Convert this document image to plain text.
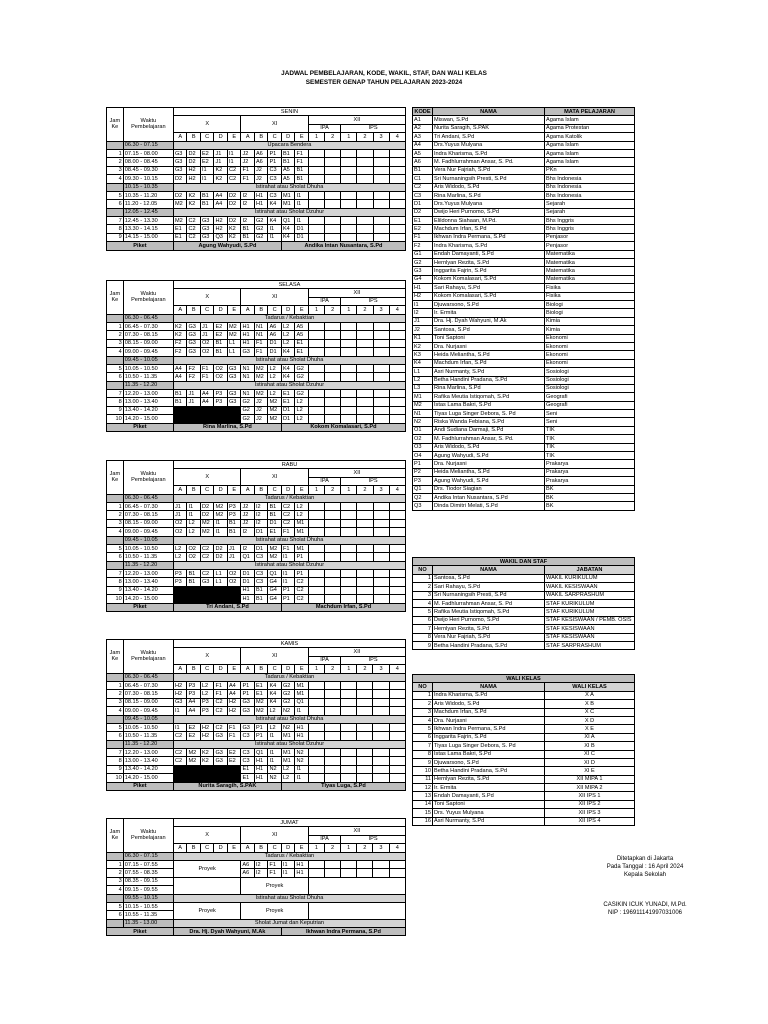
JADWAL PEMBELAJARAN, KODE, WAKIL, STAF, DAN WALI KELAS
SEMESTER GENAP TAHUN PELAJARAN 2023-2024
Jam Ke	Waktu Pembelajaran	SENIN															
		X					XI					XII					
												IPA		IPS			
		A	B	C	D	E	A	B	C	D	E	1	2	1	2	3	4
	06.30 - 07.15	Upacara Bendera															
1	07.15 - 08.00	G3	D2	E2	J1	I1	J2	A6	P1	B1	F1						
2	08.00 - 08.45	G3	D2	E2	J1	I1	J2	A6	P1	B1	F1						
3	08.45 - 09.30	G3	H2	I1	K2	C2	F1	J2	C3	A5	B1						
4	09.30 - 10.15	D2	H2	I1	K2	C2	F1	J2	C3	A5	B1						
	10.15 - 10.35	Istirahat atau Sholat Dhuha															
5	10.35 - 11.20	D2	K2	B1	A4	D2	I2	H1	C3	M1	I1						
6	11.20 - 12.05	M2	K2	B1	A4	D2	I2	H1	K4	M1	I1						
	12.05 - 12.45	Istirahat atau Sholat Dzuhur															
7	12.45 - 13.30	M2	C2	G3	H2	D2	I2	G2	K4	Q1	I1						
8	13.30 - 14.15	E1	C2	G3	H2	K2	B1	G2	I1	K4	D1						
9	14.15 - 15.00	E1	C2	G3	Q3	K2	B1	G2	I1	K4	D1						
Piket		Agung Wahyudi, S.Pd								Andika Intan Nusantara, S.Pd							
Jam Ke	Waktu Pembelajaran	SELASA															
		X					XI					XII					
												IPA		IPS			
		A	B	C	D	E	A	B	C	D	E	1	2	1	2	3	4
	06.30 - 06.45	Tadarus / Kebaktian															
1	06.45 - 07.30	K2	G3	J1	E2	M2	H1	N1	A6	L2	A5						
2	07.30 - 08.15	K2	G3	J1	E2	M2	H1	N1	A6	L2	A5						
3	08.15 - 09.00	F2	G3	O2	B1	L1	H1	F1	D1	L2	E1						
4	09.00 - 09.45	F2	G3	O2	B1	L1	G3	F1	D1	K4	E1						
	09.45 - 10.05	Istirahat atau Sholat Dhuha															
5	10.05 - 10.50	A4	F2	F1	O2	G3	N1	M2	L2	K4	G2						
6	10.50 - 11.35	A4	F2	F1	O2	G3	N1	M2	L2	K4	G2						
	11.35 - 12.20	Istirahat atau Sholat Dzuhur															
7	12.20 - 13.00	B1	J1	A4	P3	G3	N1	M2	L2	E1	G2						
8	13.00 - 13.40	B1	J1	A4	P3	G3	G2	J2	M2	E1	L2						
9	13.40 - 14.20						G2	J2	M2	D1	L2						
10	14.20 - 15.00						G2	J2	M2	D1	L2						
Piket		Rina Marlina, S.Pd								Kokom Komalasari, S.Pd							
Jam Ke	Waktu Pembelajaran	RABU															
		X					XI					XII					
												IPA		IPS			
		A	B	C	D	E	A	B	C	D	E	1	2	1	2	3	4
	06.30 - 06.45	Tadarus / Kebaktian															
1	06.45 - 07.30	J1	I1	D2	M2	P3	J2	I2	B1	C2	L2						
2	07.30 - 08.15	J1	I1	D2	M2	P3	J2	I2	B1	C2	L2						
3	08.15 - 09.00	O2	L2	M2	I1	B1	J2	I2	D1	C2	M1						
4	09.00 - 09.45	O2	L2	M2	I1	B1	I2	D1	E1	F1	M1						
	09.45 - 10.05	Istirahat atau Sholat Dhuha															
5	10.05 - 10.50	L2	O2	C2	D2	J1	I2	D1	M2	F1	M1						
6	10.50 - 11.35	L2	O2	C2	D2	J1	Q1	C3	M2	I1	P1						
	11.35 - 12.20	Istirahat atau Sholat Dzuhur															
7	12.20 - 13.00	P3	B1	C2	L1	O2	D1	C3	Q1	I1	P1						
8	13.00 - 13.40	P3	B1	G3	L1	O2	D1	C3	G4	I1	C2						
9	13.40 - 14.20						H1	B1	G4	P1	C2						
10	14.20 - 15.00						H1	B1	G4	P1	C2						
Piket		Tri Andani, S.Pd								Machdum Irfan, S.Pd							
Jam Ke	Waktu Pembelajaran	KAMIS															
		X					XI					XII					
												IPA		IPS			
		A	B	C	D	E	A	B	C	D	E	1	2	1	2	3	4
	06.30 - 06.45	Tadarus / Kebaktian															
1	06.45 - 07.30	H2	P3	L2	F1	A4	P1	E1	K4	G2	M1						
2	07.30 - 08.15	H2	P3	L2	F1	A4	P1	E1	K4	G2	M1						
3	08.15 - 09.00	G3	A4	P3	C2	H2	G3	M2	K4	G2	Q1						
4	09.00 - 09.45	I1	A4	P3	C2	H2	G3	M2	L2	N2	I1						
	09.45 - 10.05	Istirahat atau Sholat Dhuha															
5	10.05 - 10.50	I1	E2	H2	C2	F1	G3	P1	L2	N2	H1						
6	10.50 - 11.35	C2	E2	H2	G3	F1	C3	P1	I1	M1	H1						
	11.35 - 12.20	Istirahat atau Sholat Dzuhur															
7	12.20 - 13.00	C2	M2	K2	G3	E2	C3	Q1	I1	M1	N2						
8	13.00 - 13.40	C2	M2	K2	G3	E2	C3	H1	I1	M1	N2						
9	13.40 - 14.20						E1	H1	N2	L2	I1						
10	14.20 - 15.00						E1	H1	N2	L2	I1						
Piket		Nurita Saragih, S.PAK								Tiyas Luga, S.Pd							
Jam Ke	Waktu Pembelajaran	JUMAT															
		X					XI					XII					
												IPA		IPS			
		A	B	C	D	E	A	B	C	D	E	1	2	1	2	3	4
	06.30 - 07.15	Tadarus / Kebaktian															
1	07.15 - 07.55	Proyek					A6	I2	F1	I1	H1						
2	07.55 - 08.35						A6	I2	F1	I1	H1						
3	08.35 - 09.15						Proyek										
4	09.15 - 09.55																
	09.55 - 10.15	Istirahat atau Sholat Dhuha															
5	10.15 - 10.55	Proyek					Proyek										
6	10.55 - 11.35																
	11.35 - 13.00	Sholat Jumat dan Keputrian															
Piket		Dra. Hj. Dyah Wahyuni, M.Ak								Ikhwan Indra Permana, S.Pd							
KODE	NAMA	MATA PELAJARAN
A1	Miswan, S.Pd	Agama Islam
A2	Nurita Saragih, S.PAK	Agama Protestan
A3	Tri Andani, S.Pd	Agama Katolik
A4	Drs.Yuyus Mulyana	Agama Islam
A5	Indra Kharisma, S.Pd	Agama Islam
A6	M. Fadhlurrahman Ansar, S. Pd.	Agama Islam
B1	Vera Nur Fajriah, S.Pd	PKn
C1	Sri Nurnaningsih Presti, S.Pd	Bhs Indonesia
C2	Aris Widodo, S.Pd	Bhs Indonesia
C3	Rina Marlina, S.Pd	Bhs Indonesia
D1	Drs.Yuyus Mulyana	Sejarah
D2	Dwijo Heri Purnomo, S.Pd	Sejarah
E1	Elildonna Siahaan, M.Pd.	Bhs Inggris
E2	Machdum Irfan, S.Pd	Bhs Inggris
F1	Ikhwan Indra Permana, S.Pd	Penjasor
F2	Indra Kharisma, S.Pd	Penjasor
G1	Endah Damayanti, S.Pd	Matematika
G2	Hernlyan Rezita, S.Pd	Matematika
G3	Inggarita Fajrin, S.Pd	Matematika
G4	Kokom Komalasari, S.Pd	Matematika
H1	Sari Rahayu, S.Pd	Fisika
H2	Kokom Komalasari, S.Pd	Fisika
I1	Djuwarsono, S.Pd	Biologi
I2	Ir. Ermita	Biologi
J1	Dra. Hj. Dyah Wahyuni, M.Ak	Kimia
J2	Santosa, S.Pd	Kimia
K1	Toni Saptoni	Ekonomi
K2	Dra. Nurjasni	Ekonomi
K3	Heida Meliantha, S.Pd	Ekonomi
K4	Machdum Irfan, S.Pd	Ekonomi
L1	Asri Nurmanty, S.Pd	Sosiologi
L2	Betha Handini Pradana, S.Pd	Sosiologi
L3	Rina Marlina, S.Pd	Sosiologi
M1	Rafika Meutia Istiqomah, S.Pd	Geografi
M2	Istas Lama Bakri, S.Pd	Geografi
N1	Tiyas Luga Singer Debora, S. Pd	Seni
N2	Riska Wanda Febiana, S.Pd	Seni
O1	Andi Sudiana Darmaji, S.Pd	TIK
O2	M. Fadhlurrahman Ansar, S. Pd.	TIK
O3	Aris Widodo, S.Pd	TIK
O4	Agung Wahyudi, S.Pd	TIK
P1	Dra. Nurjasni	Prakarya
P2	Heida Meliantha, S.Pd	Prakarya
P3	Agung Wahyudi, S.Pd	Prakarya
Q1	Drs. Tiodor Siagian	BK
Q2	Andika Intan Nusantara, S.Pd	BK
Q3	Dinda Dimitri Melati, S.Pd	BK
WAKIL DAN STAF		
NO	NAMA	JABATAN
1	Santosa, S.Pd	WAKIL KURIKULUM
2	Sari Rahayu, S.Pd	WAKIL KESISWAAN
3	Sri Nurnaningsih Presti, S.Pd	WAKIL SARPRASHUM
4	M. Fadhlurrahman Ansar, S. Pd	STAF KURIKULUM
5	Rafika Meutia Istiqomah, S.Pd	STAF KURIKULUM
6	Dwijo Heri Purnomo, S.Pd	STAF KESISWAAN / PEMB. OSIS
7	Hernlyan Rezita, S.Pd	STAF KESISWAAN
8	Vera Nur Fajriah, S.Pd	STAF KESISWAAN
9	Betha Handini Pradana, S.Pd	STAF SARPRASHUM
WALI KELAS		
NO	NAMA	WALI KELAS
1	Indra Kharisma, S.Pd	X A
2	Aris Widodo, S.Pd	X B
3	Machdum Irfan, S.Pd	X C
4	Dra. Nurjasni	X D
5	Ikhwan Indra Permana, S.Pd	X E
6	Inggarita Fajrin, S.Pd	XI A
7	Tiyas Luga Singer Debora, S. Pd	XI B
8	Istas Lama Bakri, S.Pd	XI C
9	Djuwarsono, S.Pd	XI D
10	Betha Handini Pradana, S.Pd	XI E
11	Hernlyan Rezita, S.Pd	XII MIPA 1
12	Ir. Ermita	XII MIPA 2
13	Endah Damayanti, S.Pd	XII IPS 1
14	Toni Saptoni	XII IPS 2
15	Drs. Yuyus Mulyana	XII IPS 3
16	Asri Nurmanty, S.Pd	XII IPS 4
Ditetapkan di Jakarta
Pada Tanggal : 16 April 2024
Kepala Sekolah
CASIKIN ICUK YUNADI, M.Pd.
NIP : 196911141997031006
